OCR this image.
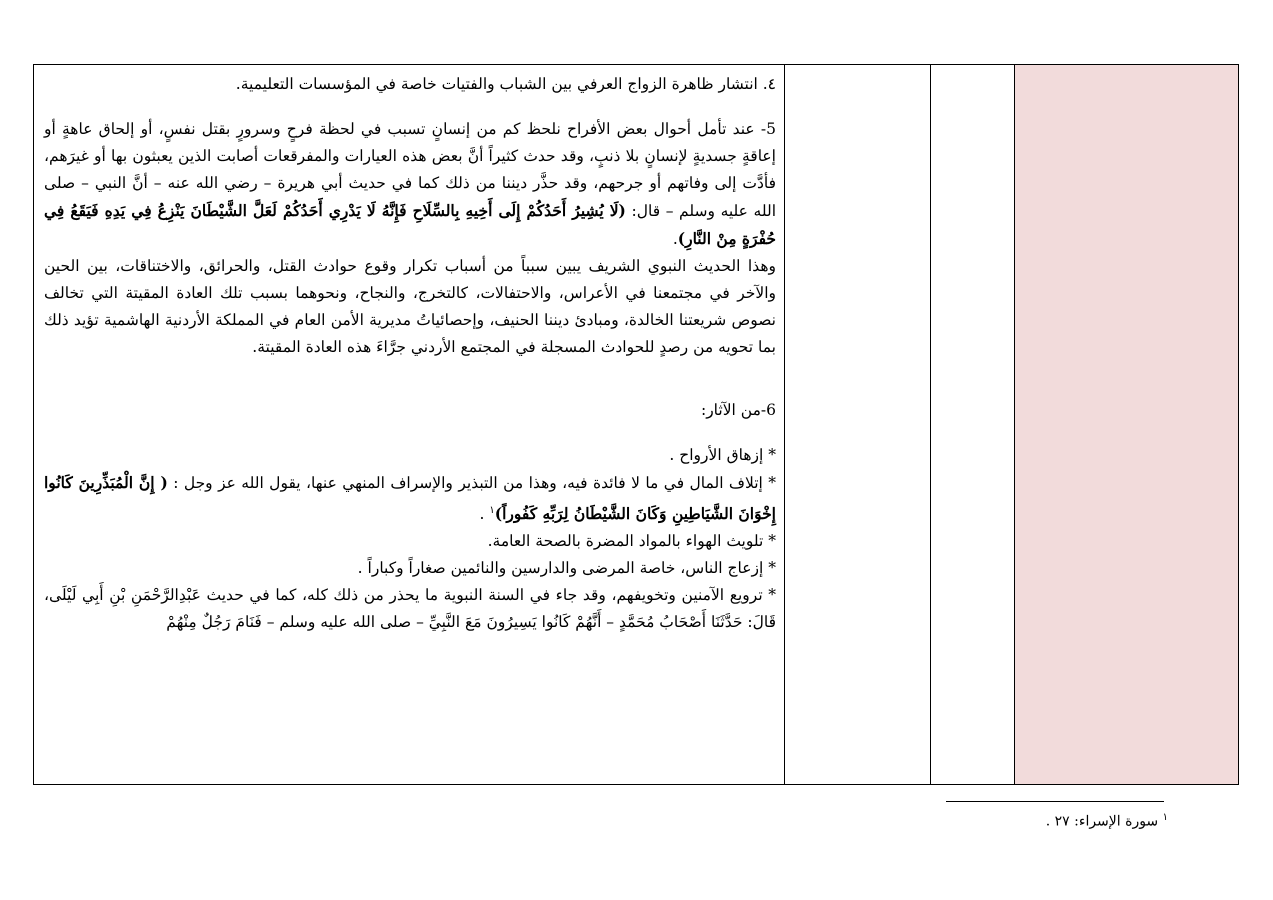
٤. انتشار ظاهرة الزواج العرفي بين الشباب والفتيات خاصة في المؤسسات التعليمية.

5- عند تأمل أحوال بعض الأفراح نلحظ كم من إنسانٍ تسبب في لحظة فرحٍ وسرورٍ بقتل نفسٍ، أو إلحاق عاهةٍ أو إعاقةٍ جسديةٍ لإنسانٍ بلا ذنبٍ، وقد حدث كثيراً أنَّ بعض هذه العيارات والمفرقعات أصابت الذين يعبثون بها أو غيرَهم، فأدَّت إلى وفاتهم أو جرحهم، وقد حذَّر ديننا من ذلك كما في حديث أبي هريرة – رضي الله عنه – أنَّ النبي – صلى الله عليه وسلم – قال: (لَا يُشِيرُ أَحَدُكُمْ إِلَى أَخِيهِ بِالسِّلَاحِ فَإِنَّهُ لَا يَدْرِي أَحَدُكُمْ لَعَلَّ الشَّيْطَانَ يَنْزِعُ فِي يَدِهِ فَيَقَعُ فِي حُفْرَةٍ مِنْ النَّارِ).

وهذا الحديث النبوي الشريف يبين سبباً من أسباب تكرار وقوع حوادث القتل، والحرائق، والاختناقات، بين الحين والآخر في مجتمعنا في الأعراس، والاحتفالات، كالتخرج، والنجاح، ونحوهما بسبب تلك العادة المقيتة التي تخالف نصوص شريعتنا الخالدة، ومبادئ ديننا الحنيف، وإحصائياتُ مديرية الأمن العام في المملكة الأردنية الهاشمية تؤيد ذلك بما تحويه من رصدٍ للحوادث المسجلة في المجتمع الأردني جرَّاءَ هذه العادة المقيتة.

6-من الآثار:

* إزهاق الأرواح .

* إتلاف المال في ما لا فائدة فيه، وهذا من التبذير والإسراف المنهي عنها، يقول الله عز وجل : ( إِنَّ الْمُبَذِّرِينَ كَانُوا إِخْوَانَ الشَّيَاطِينِ وَكَانَ الشَّيْطَانُ لِرَبِّهِ كَفُوراً)$^١$ .

* تلويث الهواء بالمواد المضرة بالصحة العامة.

* إزعاج الناس، خاصة المرضى والدارسين والنائمين صغاراً وكباراً .

* ترويع الآمنين وتخويفهم، وقد جاء في السنة النبوية ما يحذر من ذلك كله، كما في حديث عَبْدِالرَّحْمَنِ بْنِ أَبِي لَيْلَى، قَالَ: حَدَّثَنَا أَصْحَابُ مُحَمَّدٍ – أَنَّهُمْ كَانُوا يَسِيرُونَ مَعَ النَّبِيِّ – صلى الله عليه وسلم – فَنَامَ رَجُلٌ مِنْهُمْ

$^١$ سورة الإسراء: ٢٧ .
